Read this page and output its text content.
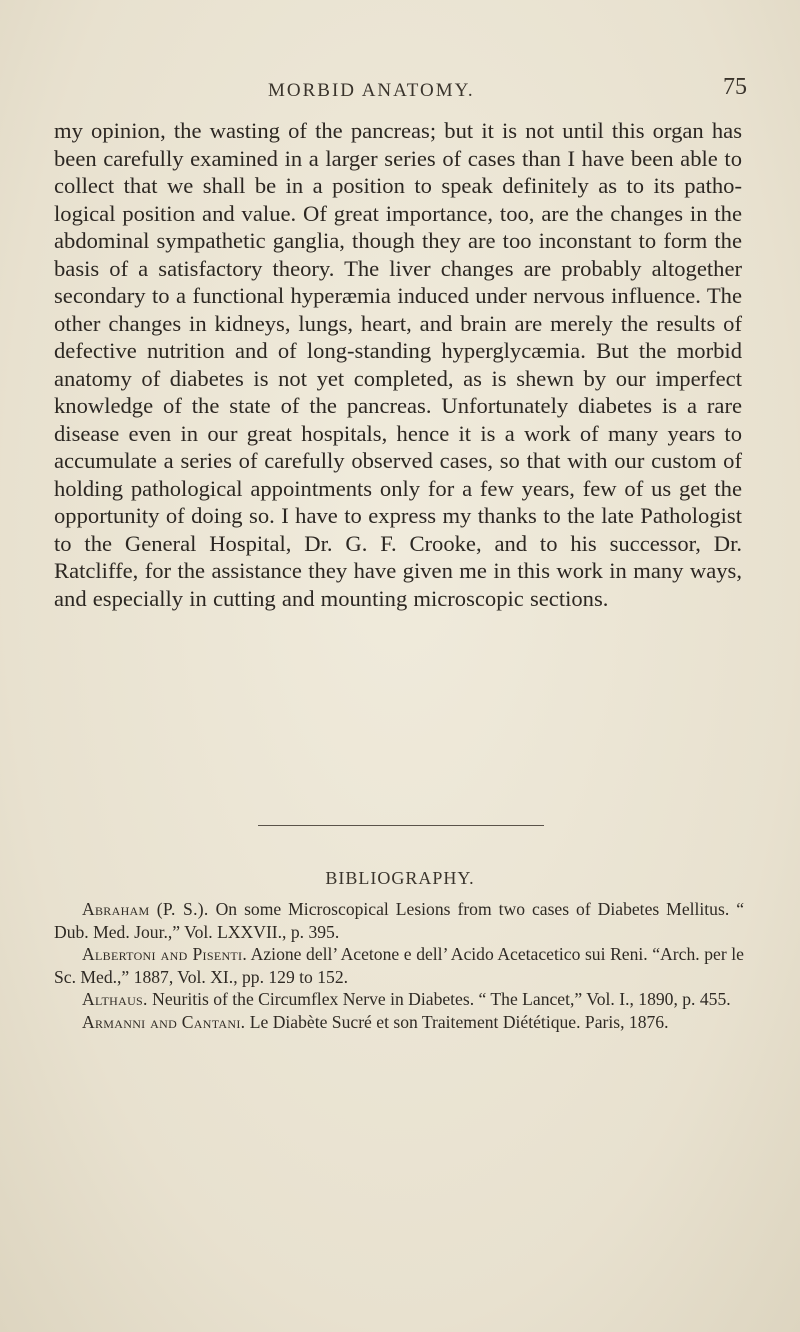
MORBID ANATOMY.	75

my opinion, the wasting of the pancreas; but it is not until this organ has been carefully examined in a larger series of cases than I have been able to collect that we shall be in a position to speak definitely as to its patho-logical position and value. Of great importance, too, are the changes in the abdominal sympathetic ganglia, though they are too inconstant to form the basis of a satisfactory theory. The liver changes are probably altogether secondary to a functional hyperæmia induced under nervous influence. The other changes in kidneys, lungs, heart, and brain are merely the results of defective nutrition and of long-standing hyperglycæmia. But the morbid anatomy of diabetes is not yet completed, as is shewn by our imperfect knowledge of the state of the pancreas. Unfortunately diabetes is a rare disease even in our great hospitals, hence it is a work of many years to accumulate a series of carefully observed cases, so that with our custom of holding pathological appointments only for a few years, few of us get the opportunity of doing so. I have to express my thanks to the late Pathologist to the General Hospital, Dr. G. F. Crooke, and to his successor, Dr. Ratcliffe, for the assistance they have given me in this work in many ways, and especially in cutting and mounting microscopic sections.

BIBLIOGRAPHY.
Abraham (P. S.). On some Microscopical Lesions from two cases of Diabetes Mellitus. “ Dub. Med. Jour.,” Vol. LXXVII., p. 395.
Albertoni and Pisenti. Azione dell’ Acetone e dell’ Acido Acetacetico sui Reni. “Arch. per le Sc. Med.,” 1887, Vol. XI., pp. 129 to 152.
Althaus. Neuritis of the Circumflex Nerve in Diabetes. “ The Lancet,” Vol. I., 1890, p. 455.
Armanni and Cantani. Le Diabète Sucré et son Traitement Diététique. Paris, 1876.
